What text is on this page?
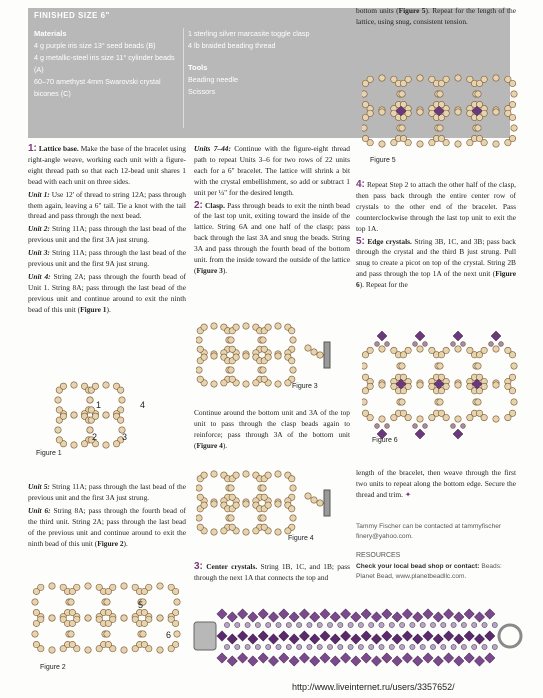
FINISHED SIZE 6"
Materials
4 g purple iris size 13° seed beads (B)
4 g metallic-steel iris size 11° cylinder beads (A)
60–70 amethyst 4mm Swarovski crystal bicones (C)
1 sterling silver marcasite toggle clasp
4 lb braided beading thread
Tools
Beading needle
Scissors

1: Lattice base. Make the base of the bracelet using right-angle weave, working each unit with a figure-eight thread path so that each 12-bead unit shares 1 bead with each unit on three sides.

Unit 1: Use 12' of thread to string 12A; pass through them again, leaving a 6" tail. Tie a knot with the tail thread and pass through the next bead.

Unit 2: String 11A; pass through the last bead of the previous unit and the first 3A just strung.

Unit 3: String 11A; pass through the last bead of the previous unit and the first 9A just strung.

Unit 4: String 2A; pass through the fourth bead of Unit 1. String 8A; pass through the last bead of the previous unit and continue around to exit the ninth bead of this unit (Figure 1).

1
2	3
4
Figure 1

Unit 5: String 11A; pass through the last bead of the previous unit and the first 3A just strung.

Unit 6: String 8A; pass through the fourth bead of the third unit. String 2A; pass through the last bead of the previous unit and continue around to exit the ninth bead of this unit (Figure 2).

5
6
Figure 2

Units 7–44: Continue with the figure-eight thread path to repeat Units 3–6 for two rows of 22 units each for a 6" bracelet. The lattice will shrink a bit with the crystal embellishment, so add or subtract 1 unit per ¼" for the desired length.

2: Clasp. Pass through beads to exit the ninth bead of the last top unit, exiting toward the inside of the lattice. String 6A and one half of the clasp; pass back through the last 3A and snug the beads. String 3A and pass through the fourth bead of the bottom unit. from the inside toward the outside of the lattice (Figure 3).

Figure 3

Continue around the bottom unit and 3A of the top unit to pass through the clasp beads again to reinforce; pass through 3A of the bottom unit (Figure 4).

Figure 4

3: Center crystals. String 1B, 1C, and 1B; pass through the next 1A that connects the top and

bottom units (Figure 5). Repeat for the length of the lattice, using snug, consistent tension.

Figure 5

4: Repeat Step 2 to attach the other half of the clasp, then pass back through the entire center row of crystals to the other end of the bracelet. Pass counterclockwise through the last top unit to exit the top 1A.

5: Edge crystals. String 3B, 1C, and 3B; pass back through the crystal and the third B just strung. Pull snug to create a picot on top of the crystal. String 2B and pass through the top 1A of the next unit (Figure 6). Repeat for the

Figure 6

length of the bracelet, then weave through the first two units to repeat along the bottom edge. Secure the thread and trim. ✦

Tammy Fischer can be contacted at tammyfischer finery@yahoo.com.
RESOURCES
Check your local bead shop or contact: Beads: Planet Bead, www.planetbeadllc.com.
http://www.liveinternet.ru/users/3357652/
